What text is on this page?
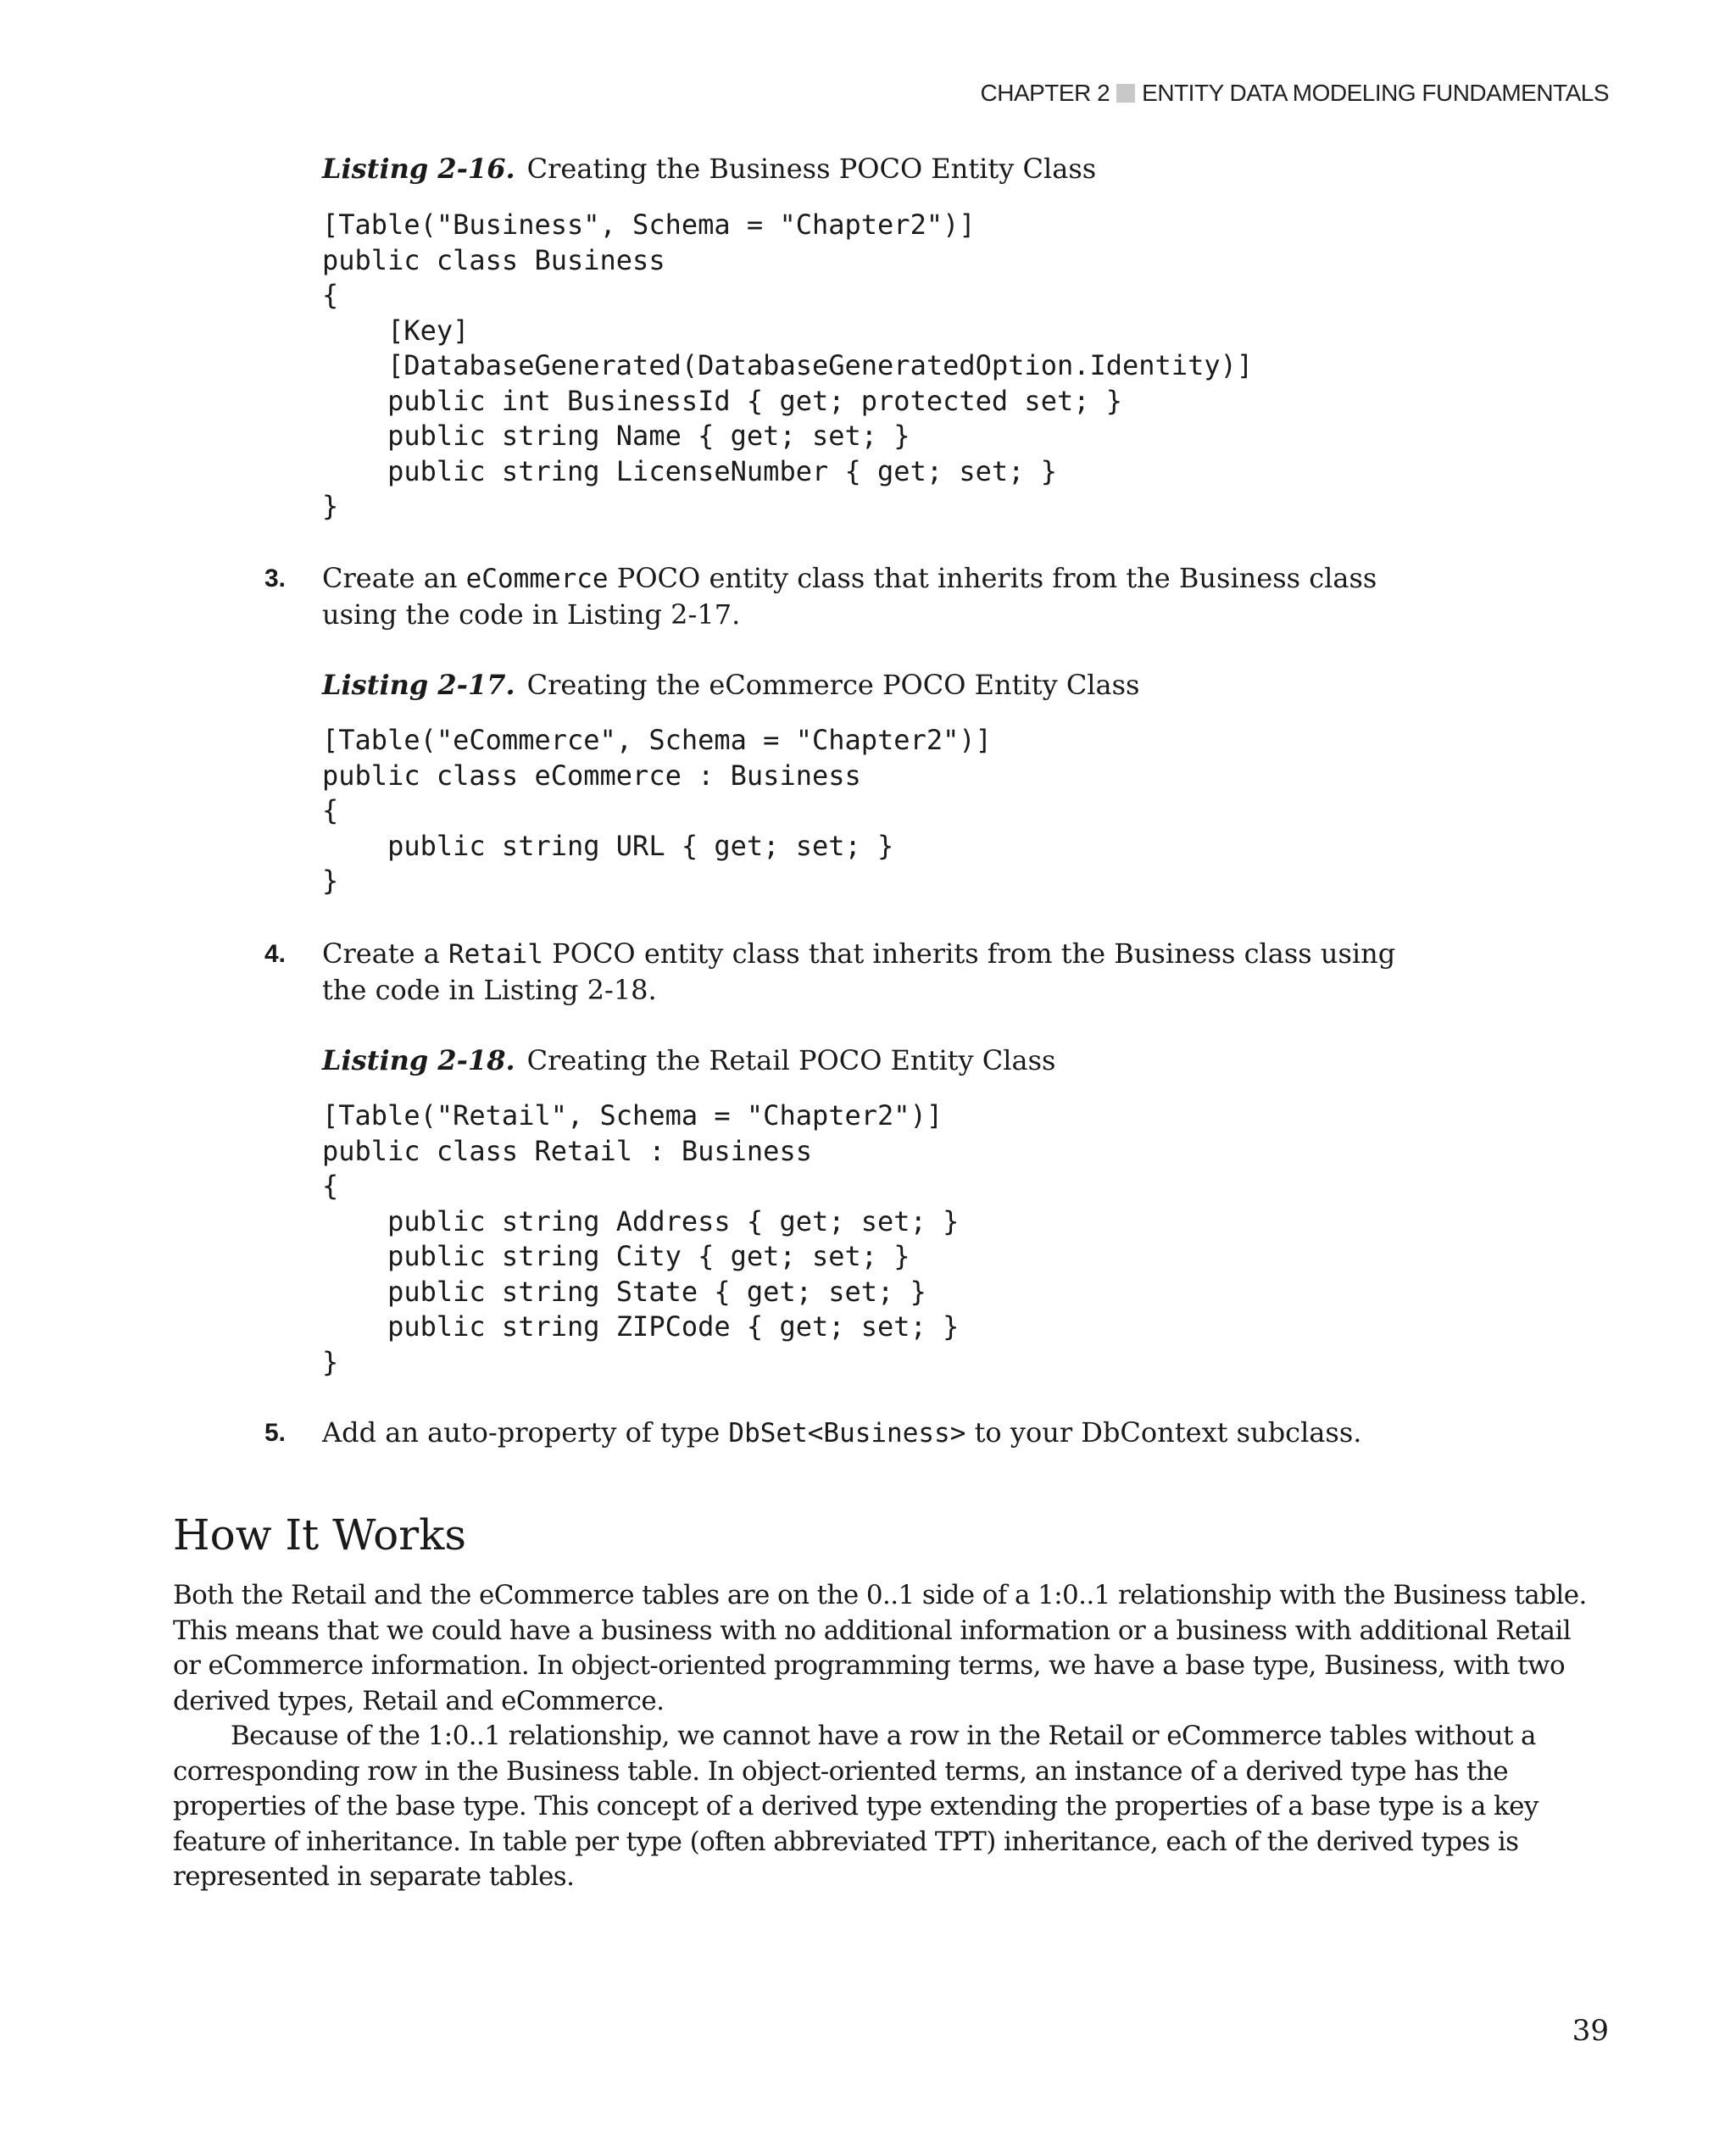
CHAPTER 2 ENTITY DATA MODELING FUNDAMENTALS
Listing 2-16. Creating the Business POCO Entity Class
[Table("Business", Schema = "Chapter2")]
public class Business
{
[Key]
[DatabaseGenerated(DatabaseGeneratedOption.Identity)]
public int BusinessId { get; protected set; }
public string Name { get; set; }
public string LicenseNumber { get; set; }
}
3. Create an eCommerce POCO entity class that inherits from the Business class using the code in Listing 2-17.
Listing 2-17. Creating the eCommerce POCO Entity Class
[Table("eCommerce", Schema = "Chapter2")]
public class eCommerce : Business
{
public string URL { get; set; }
}
4. Create a Retail POCO entity class that inherits from the Business class using the code in Listing 2-18.
Listing 2-18. Creating the Retail POCO Entity Class
[Table("Retail", Schema = "Chapter2")]
public class Retail : Business
{
public string Address { get; set; }
public string City { get; set; }
public string State { get; set; }
public string ZIPCode { get; set; }
}
5. Add an auto-property of type DbSet<Business> to your DbContext subclass.
How It Works

Both the Retail and the eCommerce tables are on the 0..1 side of a 1:0..1 relationship with the Business table. This means that we could have a business with no additional information or a business with additional Retail or eCommerce information. In object-oriented programming terms, we have a base type, Business, with two derived types, Retail and eCommerce.

Because of the 1:0..1 relationship, we cannot have a row in the Retail or eCommerce tables without a corresponding row in the Business table. In object-oriented terms, an instance of a derived type has the properties of the base type. This concept of a derived type extending the properties of a base type is a key feature of inheritance. In table per type (often abbreviated TPT) inheritance, each of the derived types is represented in separate tables.

39
